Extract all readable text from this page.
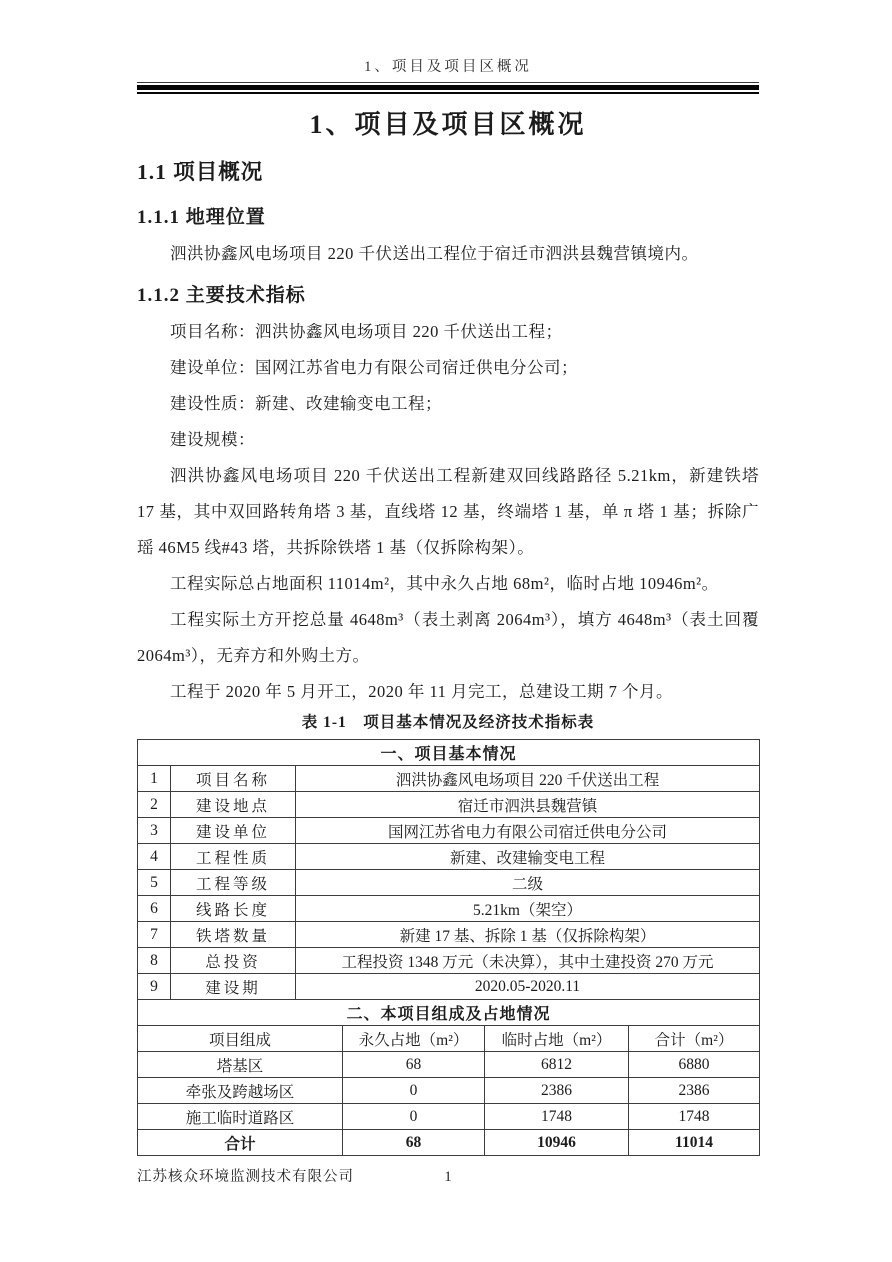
1、项目及项目区概况
1、项目及项目区概况
1.1 项目概况
1.1.1 地理位置

泗洪协鑫风电场项目 220 千伏送出工程位于宿迁市泗洪县魏营镇境内。

1.1.2 主要技术指标

项目名称：泗洪协鑫风电场项目 220 千伏送出工程；

建设单位：国网江苏省电力有限公司宿迁供电分公司；

建设性质：新建、改建输变电工程；

建设规模：

泗洪协鑫风电场项目 220 千伏送出工程新建双回线路路径 5.21km，新建铁塔 17 基，其中双回路转角塔 3 基，直线塔 12 基，终端塔 1 基，单 π 塔 1 基；拆除广瑶 46M5 线#43 塔，共拆除铁塔 1 基（仅拆除构架）。

工程实际总占地面积 11014m²，其中永久占地 68m²，临时占地 10946m²。

工程实际土方开挖总量 4648m³（表土剥离 2064m³），填方 4648m³（表土回覆 2064m³），无弃方和外购土方。

工程于 2020 年 5 月开工，2020 年 11 月完工，总建设工期 7 个月。

表 1-1　项目基本情况及经济技术指标表
一、项目基本情况		
1	项目名称	泗洪协鑫风电场项目 220 千伏送出工程
2	建设地点	宿迁市泗洪县魏营镇
3	建设单位	国网江苏省电力有限公司宿迁供电分公司
4	工程性质	新建、改建输变电工程
5	工程等级	二级
6	线路长度	5.21km（架空）
7	铁塔数量	新建 17 基、拆除 1 基（仅拆除构架）
8	总投资	工程投资 1348 万元（未决算），其中土建投资 270 万元
9	建设期	2020.05-2020.11
二、本项目组成及占地情况			
项目组成	永久占地（m²）	临时占地（m²）	合计（m²）
塔基区	68	6812	6880
牵张及跨越场区	0	2386	2386
施工临时道路区	0	1748	1748
合计	68	10946	11014
江苏核众环境监测技术有限公司	1
